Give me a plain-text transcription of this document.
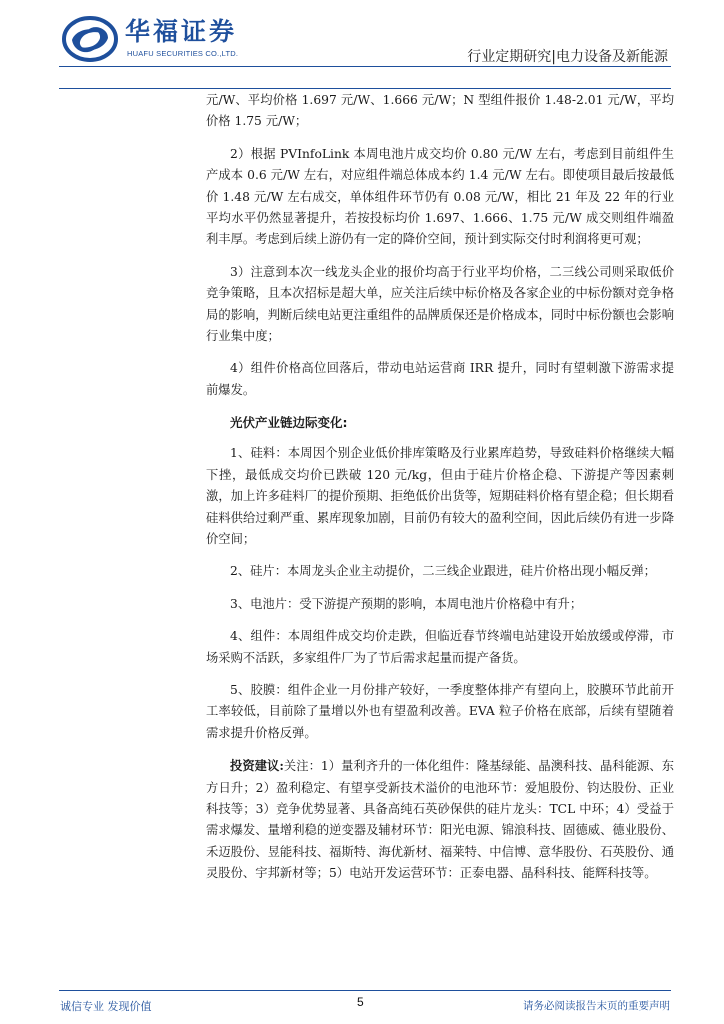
华福证券
HUAFU SECURITIES CO.,LTD.	行业定期研究|电力设备及新能源

元/W、平均价格 1.697 元/W、1.666 元/W；N 型组件报价 1.48-2.01 元/W，平均价格 1.75 元/W；

2）根据 PVInfoLink 本周电池片成交均价 0.80 元/W 左右，考虑到目前组件生产成本 0.6 元/W 左右，对应组件端总体成本约 1.4 元/W 左右。即使项目最后按最低价 1.48 元/W 左右成交，单体组件环节仍有 0.08 元/W，相比 21 年及 22 年的行业平均水平仍然显著提升，若按投标均价 1.697、1.666、1.75 元/W 成交则组件端盈利丰厚。考虑到后续上游仍有一定的降价空间，预计到实际交付时利润将更可观；

3）注意到本次一线龙头企业的报价均高于行业平均价格，二三线公司则采取低价竞争策略，且本次招标是超大单，应关注后续中标价格及各家企业的中标份额对竞争格局的影响，判断后续电站更注重组件的品牌质保还是价格成本，同时中标份额也会影响行业集中度；

4）组件价格高位回落后，带动电站运营商 IRR 提升，同时有望刺激下游需求提前爆发。

光伏产业链边际变化:

1、硅料：本周因个别企业低价排库策略及行业累库趋势，导致硅料价格继续大幅下挫，最低成交均价已跌破 120 元/kg，但由于硅片价格企稳、下游提产等因素刺激，加上许多硅料厂的提价预期、拒绝低价出货等，短期硅料价格有望企稳；但长期看硅料供给过剩严重、累库现象加剧，目前仍有较大的盈利空间，因此后续仍有进一步降价空间；

2、硅片：本周龙头企业主动提价，二三线企业跟进，硅片价格出现小幅反弹；

3、电池片：受下游提产预期的影响，本周电池片价格稳中有升；

4、组件：本周组件成交均价走跌，但临近春节终端电站建设开始放缓或停滞，市场采购不活跃，多家组件厂为了节后需求起量而提产备货。

5、胶膜：组件企业一月份排产较好，一季度整体排产有望向上，胶膜环节此前开工率较低，目前除了量增以外也有望盈利改善。EVA 粒子价格在底部，后续有望随着需求提升价格反弹。

投资建议:关注：1）量利齐升的一体化组件：隆基绿能、晶澳科技、晶科能源、东方日升；2）盈利稳定、有望享受新技术溢价的电池环节：爱旭股份、钧达股份、正业科技等；3）竞争优势显著、具备高纯石英砂保供的硅片龙头：TCL 中环；4）受益于需求爆发、量增利稳的逆变器及辅材环节：阳光电源、锦浪科技、固德威、德业股份、禾迈股份、昱能科技、福斯特、海优新材、福莱特、中信博、意华股份、石英股份、通灵股份、宇邦新材等；5）电站开发运营环节：正泰电器、晶科科技、能辉科技等。

诚信专业 发现价值	5	请务必阅读报告末页的重要声明
